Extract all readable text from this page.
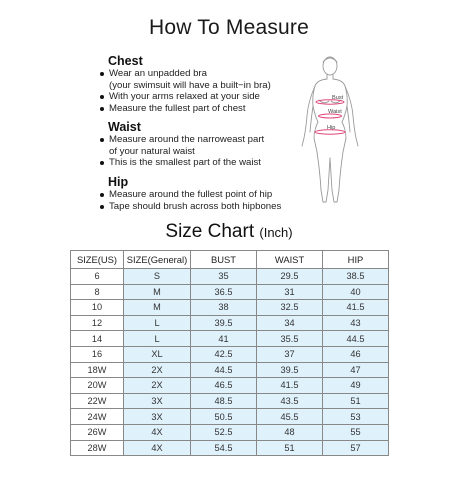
How To Measure
Chest
Wear an unpadded bra
(your swimsuit will have a built−in bra)
With your arms relaxed at your side
Measure the fullest part of chest
Waist
Measure around the narroweast part
of your natural waist
This is the smallest part of the waist
Hip
Measure around the fullest point of hip
Tape should brush across both hipbones
Bust
Waist
Hip
Size Chart (Inch)
SIZE(US)	SIZE(General)	BUST	WAIST	HIP
6	S	35	29.5	38.5
8	M	36.5	31	40
10	M	38	32.5	41.5
12	L	39.5	34	43
14	L	41	35.5	44.5
16	XL	42.5	37	46
18W	2X	44.5	39.5	47
20W	2X	46.5	41.5	49
22W	3X	48.5	43.5	51
24W	3X	50.5	45.5	53
26W	4X	52.5	48	55
28W	4X	54.5	51	57
